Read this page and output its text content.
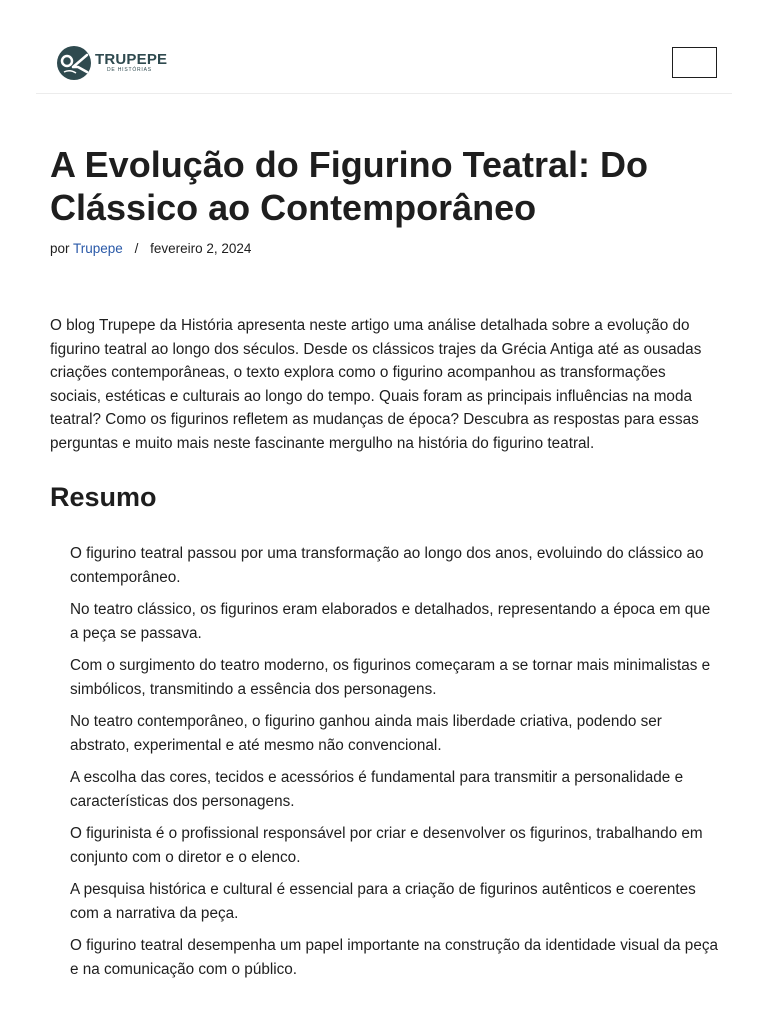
TRUPEPE
DE HISTÓRIAS
A Evolução do Figurino Teatral: Do Clássico ao Contemporâneo
por Trupepe / fevereiro 2, 2024

O blog Trupepe da História apresenta neste artigo uma análise detalhada sobre a evolução do figurino teatral ao longo dos séculos. Desde os clássicos trajes da Grécia Antiga até as ousadas criações contemporâneas, o texto explora como o figurino acompanhou as transformações sociais, estéticas e culturais ao longo do tempo. Quais foram as principais influências na moda teatral? Como os figurinos refletem as mudanças de época? Descubra as respostas para essas perguntas e muito mais neste fascinante mergulho na história do figurino teatral.

Resumo
• O figurino teatral passou por uma transformação ao longo dos anos, evoluindo do clássico ao contemporâneo.
• No teatro clássico, os figurinos eram elaborados e detalhados, representando a época em que a peça se passava.
• Com o surgimento do teatro moderno, os figurinos começaram a se tornar mais minimalistas e simbólicos, transmitindo a essência dos personagens.
• No teatro contemporâneo, o figurino ganhou ainda mais liberdade criativa, podendo ser abstrato, experimental e até mesmo não convencional.
• A escolha das cores, tecidos e acessórios é fundamental para transmitir a personalidade e características dos personagens.
• O figurinista é o profissional responsável por criar e desenvolver os figurinos, trabalhando em conjunto com o diretor e o elenco.
• A pesquisa histórica e cultural é essencial para a criação de figurinos autênticos e coerentes com a narrativa da peça.
• O figurino teatral desempenha um papel importante na construção da identidade visual da peça e na comunicação com o público.
